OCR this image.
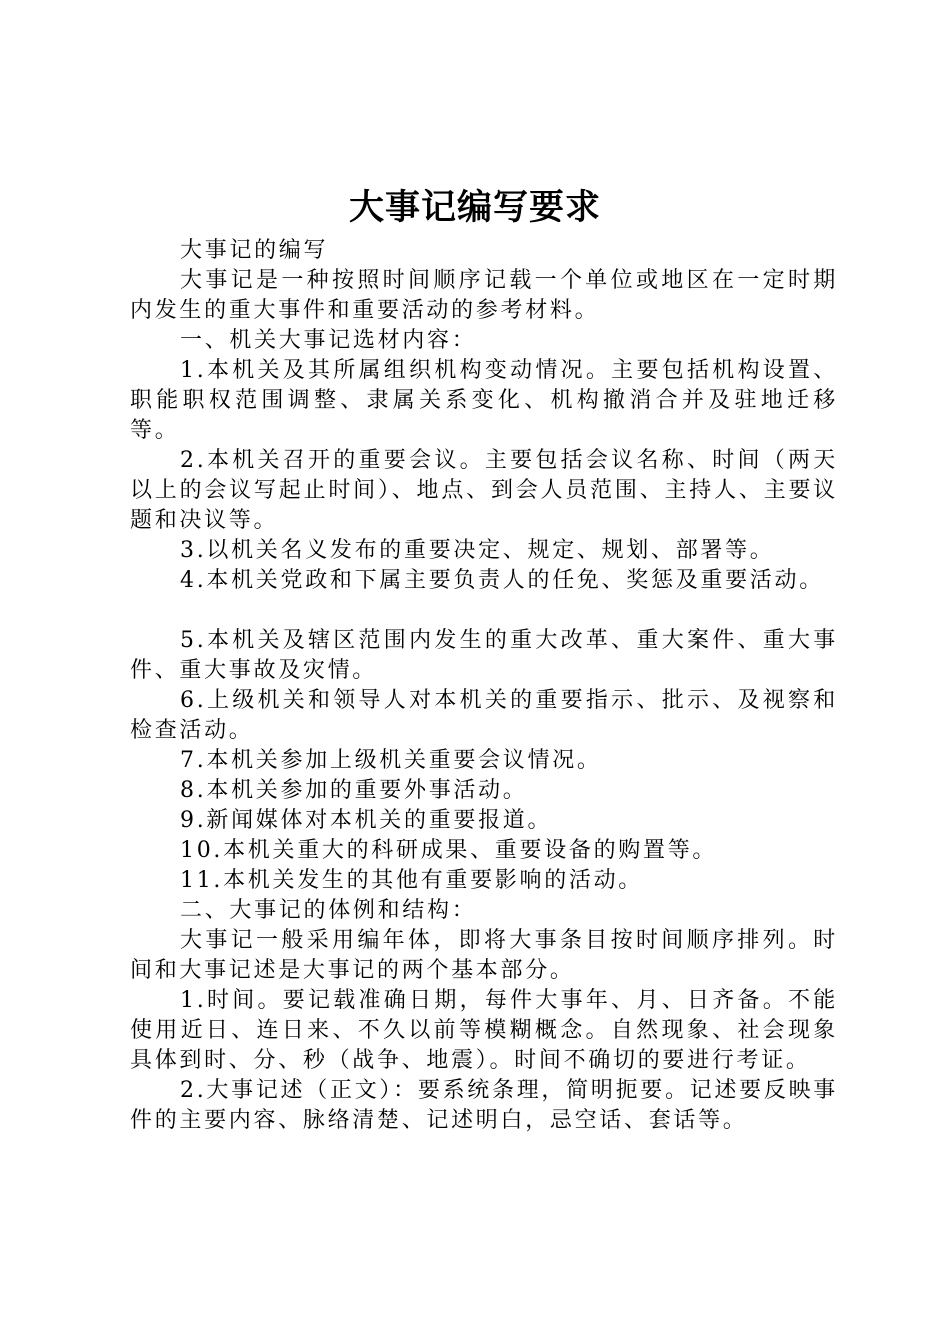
大事记编写要求

大事记的编写

大事记是一种按照时间顺序记载一个单位或地区在一定时期内发生的重大事件和重要活动的参考材料。

一、机关大事记选材内容：

1.本机关及其所属组织机构变动情况。主要包括机构设置、职能职权范围调整、隶属关系变化、机构撤消合并及驻地迁移等。

2.本机关召开的重要会议。主要包括会议名称、时间（两天以上的会议写起止时间）、地点、到会人员范围、主持人、主要议题和决议等。

3.以机关名义发布的重要决定、规定、规划、部署等。

4.本机关党政和下属主要负责人的任免、奖惩及重要活动。

5.本机关及辖区范围内发生的重大改革、重大案件、重大事件、重大事故及灾情。

6.上级机关和领导人对本机关的重要指示、批示、及视察和检查活动。

7.本机关参加上级机关重要会议情况。

8.本机关参加的重要外事活动。

9.新闻媒体对本机关的重要报道。

10.本机关重大的科研成果、重要设备的购置等。

11.本机关发生的其他有重要影响的活动。

二、大事记的体例和结构：

大事记一般采用编年体，即将大事条目按时间顺序排列。时间和大事记述是大事记的两个基本部分。

1.时间。要记载准确日期，每件大事年、月、日齐备。不能使用近日、连日来、不久以前等模糊概念。自然现象、社会现象具体到时、分、秒（战争、地震）。时间不确切的要进行考证。

2.大事记述（正文）：要系统条理，简明扼要。记述要反映事件的主要内容、脉络清楚、记述明白，忌空话、套话等。
